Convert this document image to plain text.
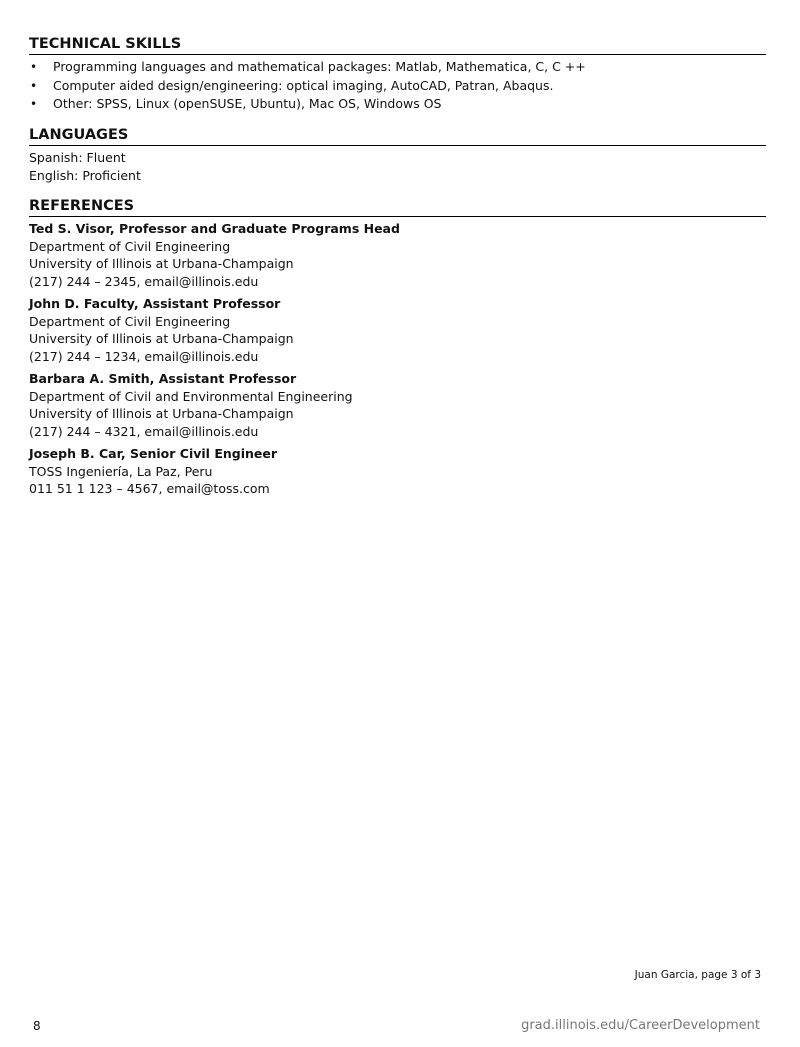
TECHNICAL SKILLS
• Programming languages and mathematical packages: Matlab, Mathematica, C, C ++
• Computer aided design/engineering: optical imaging, AutoCAD, Patran, Abaqus.
• Other: SPSS, Linux (openSUSE, Ubuntu), Mac OS, Windows OS
LANGUAGES
Spanish: Fluent
English: Proficient
REFERENCES
Ted S. Visor, Professor and Graduate Programs Head
Department of Civil Engineering
University of Illinois at Urbana-Champaign
(217) 244 – 2345, email@illinois.edu
John D. Faculty, Assistant Professor
Department of Civil Engineering
University of Illinois at Urbana-Champaign
(217) 244 – 1234, email@illinois.edu
Barbara A. Smith, Assistant Professor
Department of Civil and Environmental Engineering
University of Illinois at Urbana-Champaign
(217) 244 – 4321, email@illinois.edu
Joseph B. Car, Senior Civil Engineer
TOSS Ingeniería, La Paz, Peru
011 51 1 123 – 4567, email@toss.com
Juan Garcia, page 3 of 3
8	grad.illinois.edu/CareerDevelopment
